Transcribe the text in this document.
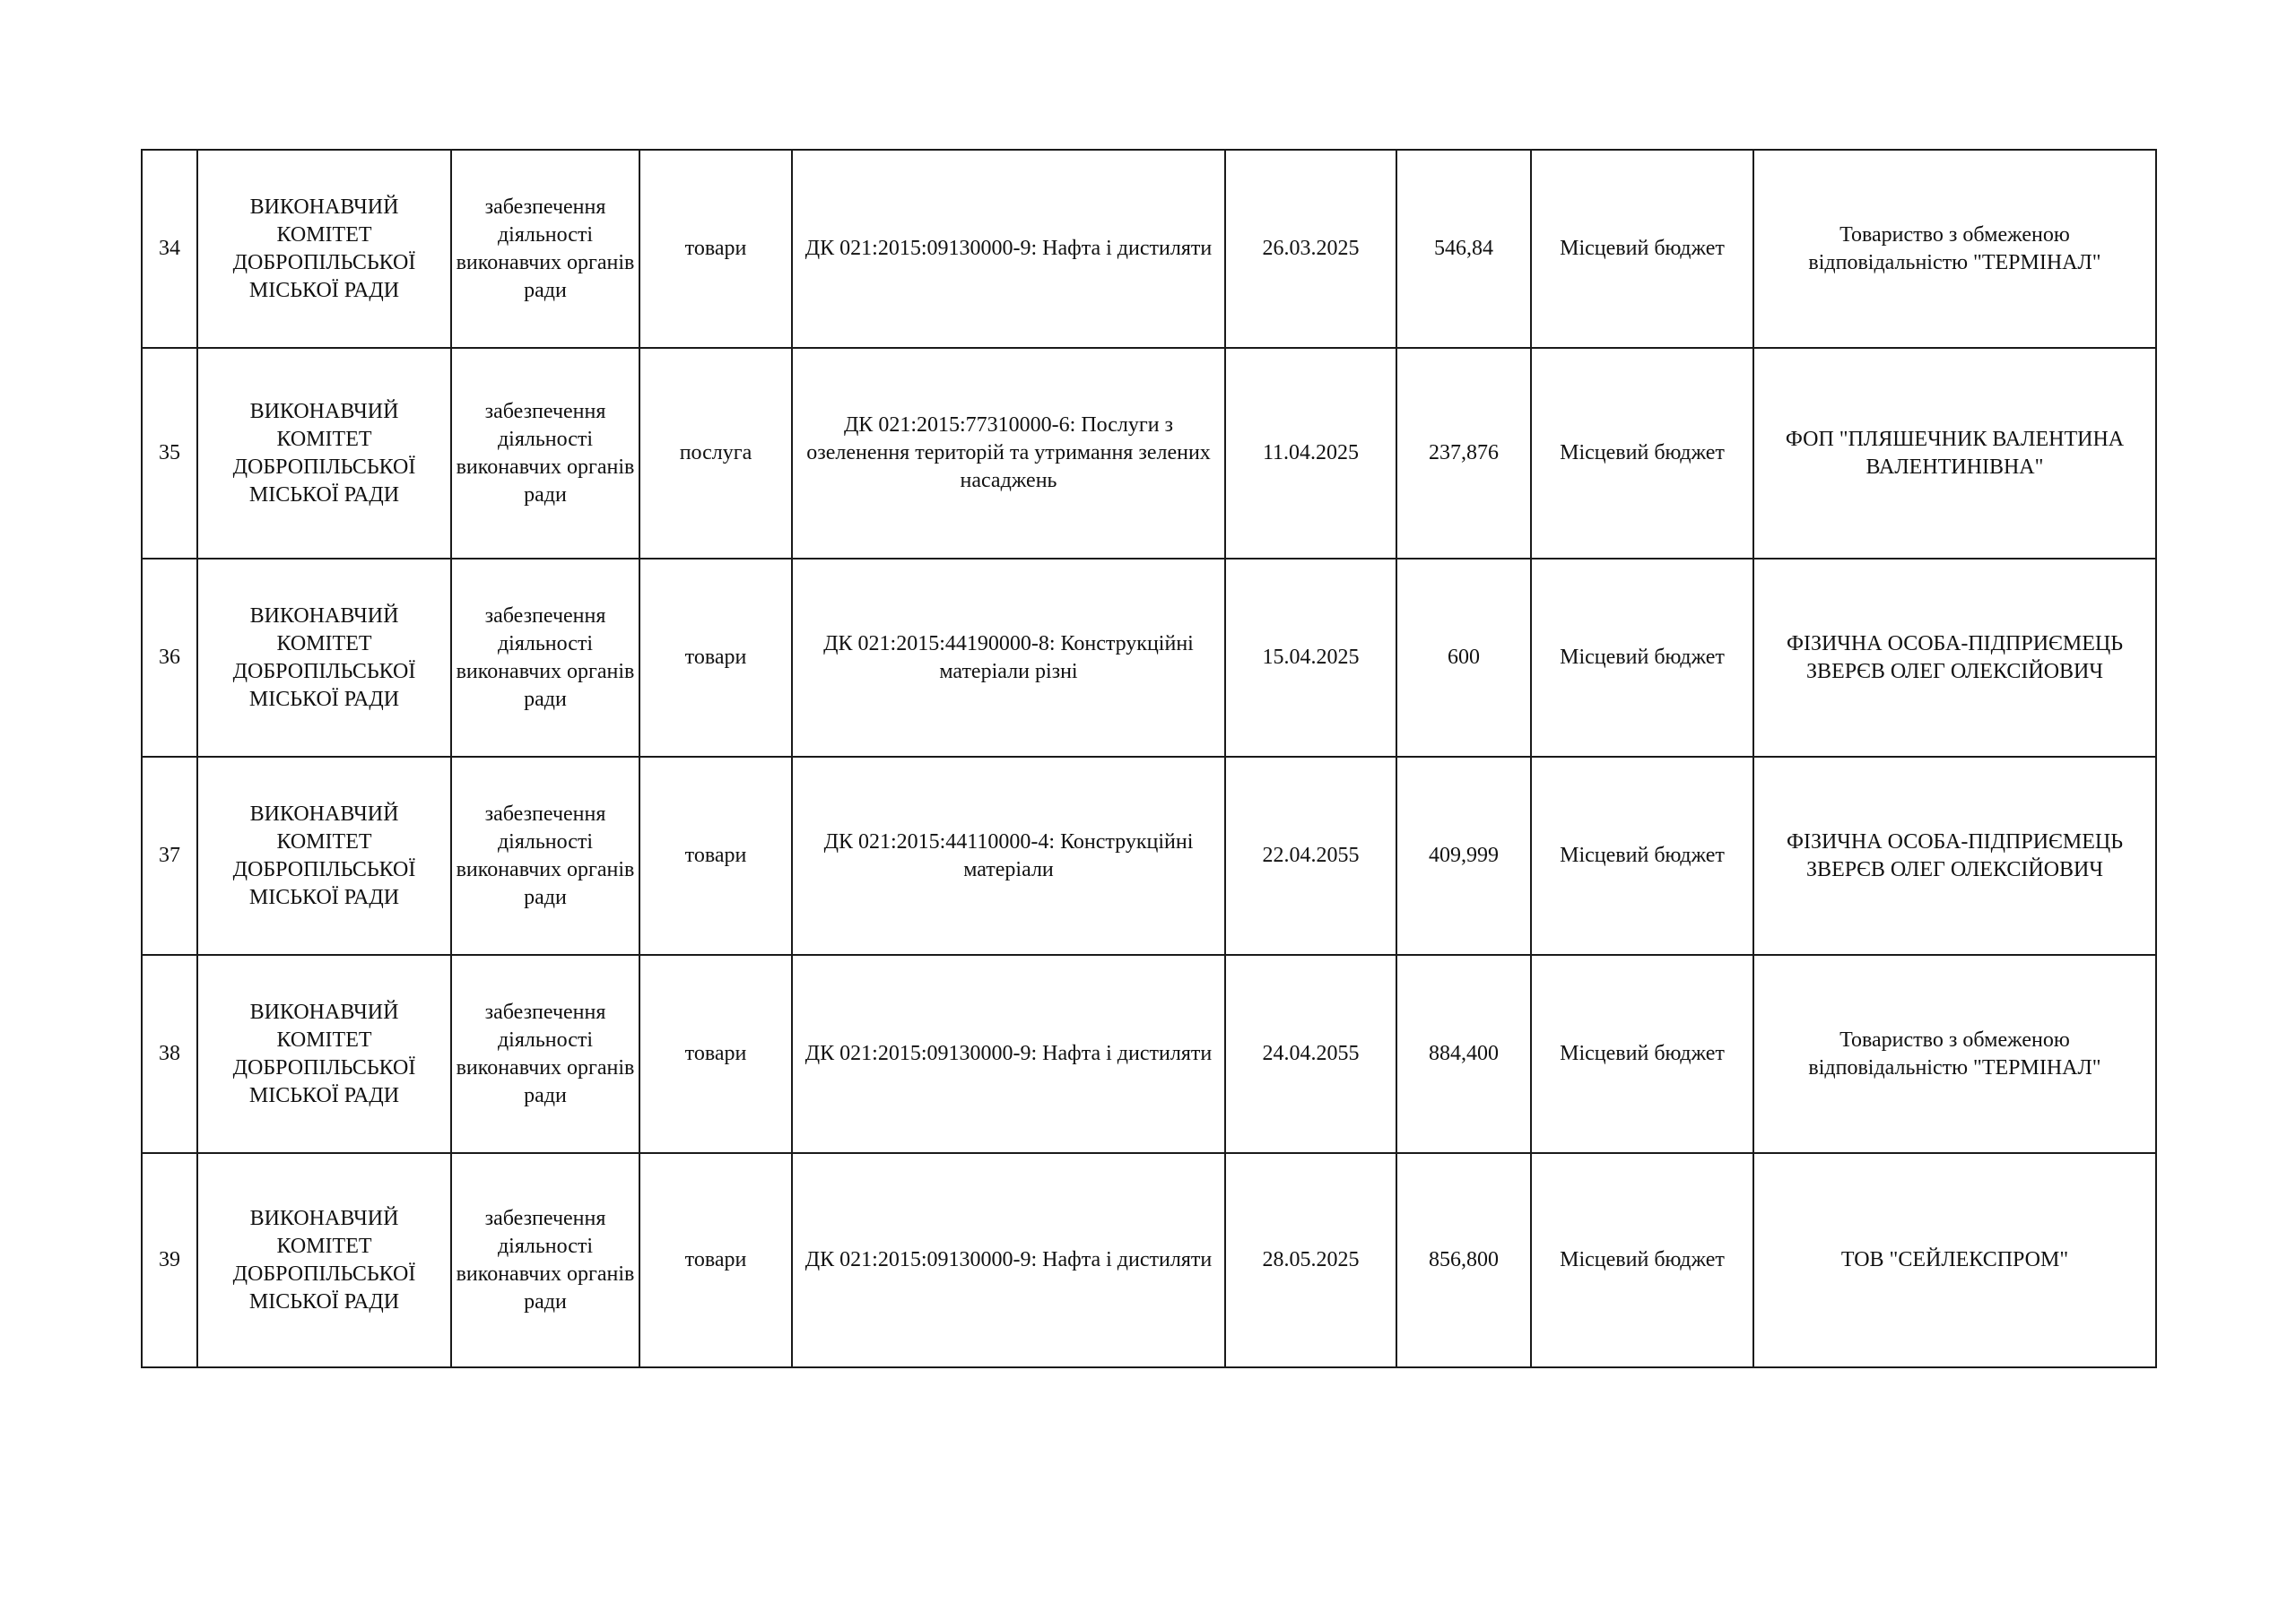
34	ВИКОНАВЧИЙ КОМІТЕТ ДОБРОПІЛЬСЬКОЇ МІСЬКОЇ РАДИ	забезпечення діяльності виконавчих органів ради	товари	ДК 021:2015:09130000-9: Нафта і дистиляти	26.03.2025	546,84	Місцевий бюджет	Товариство з обмеженою відповідальністю "ТЕРМІНАЛ"
35	ВИКОНАВЧИЙ КОМІТЕТ ДОБРОПІЛЬСЬКОЇ МІСЬКОЇ РАДИ	забезпечення діяльності виконавчих органів ради	послуга	ДК 021:2015:77310000-6: Послуги з озеленення територій та утримання зелених насаджень	11.04.2025	237,876	Місцевий бюджет	ФОП "ПЛЯШЕЧНИК ВАЛЕНТИНА ВАЛЕНТИНІВНА"
36	ВИКОНАВЧИЙ КОМІТЕТ ДОБРОПІЛЬСЬКОЇ МІСЬКОЇ РАДИ	забезпечення діяльності виконавчих органів ради	товари	ДК 021:2015:44190000-8: Конструкційні матеріали різні	15.04.2025	600	Місцевий бюджет	ФІЗИЧНА ОСОБА-ПІДПРИЄМЕЦЬ ЗВЕРЄВ ОЛЕГ ОЛЕКСІЙОВИЧ
37	ВИКОНАВЧИЙ КОМІТЕТ ДОБРОПІЛЬСЬКОЇ МІСЬКОЇ РАДИ	забезпечення діяльності виконавчих органів ради	товари	ДК 021:2015:44110000-4: Конструкційні матеріали	22.04.2055	409,999	Місцевий бюджет	ФІЗИЧНА ОСОБА-ПІДПРИЄМЕЦЬ ЗВЕРЄВ ОЛЕГ ОЛЕКСІЙОВИЧ
38	ВИКОНАВЧИЙ КОМІТЕТ ДОБРОПІЛЬСЬКОЇ МІСЬКОЇ РАДИ	забезпечення діяльності виконавчих органів ради	товари	ДК 021:2015:09130000-9: Нафта і дистиляти	24.04.2055	884,400	Місцевий бюджет	Товариство з обмеженою відповідальністю "ТЕРМІНАЛ"
39	ВИКОНАВЧИЙ КОМІТЕТ ДОБРОПІЛЬСЬКОЇ МІСЬКОЇ РАДИ	забезпечення діяльності виконавчих органів ради	товари	ДК 021:2015:09130000-9: Нафта і дистиляти	28.05.2025	856,800	Місцевий бюджет	ТОВ "СЕЙЛЕКСПРОМ"
